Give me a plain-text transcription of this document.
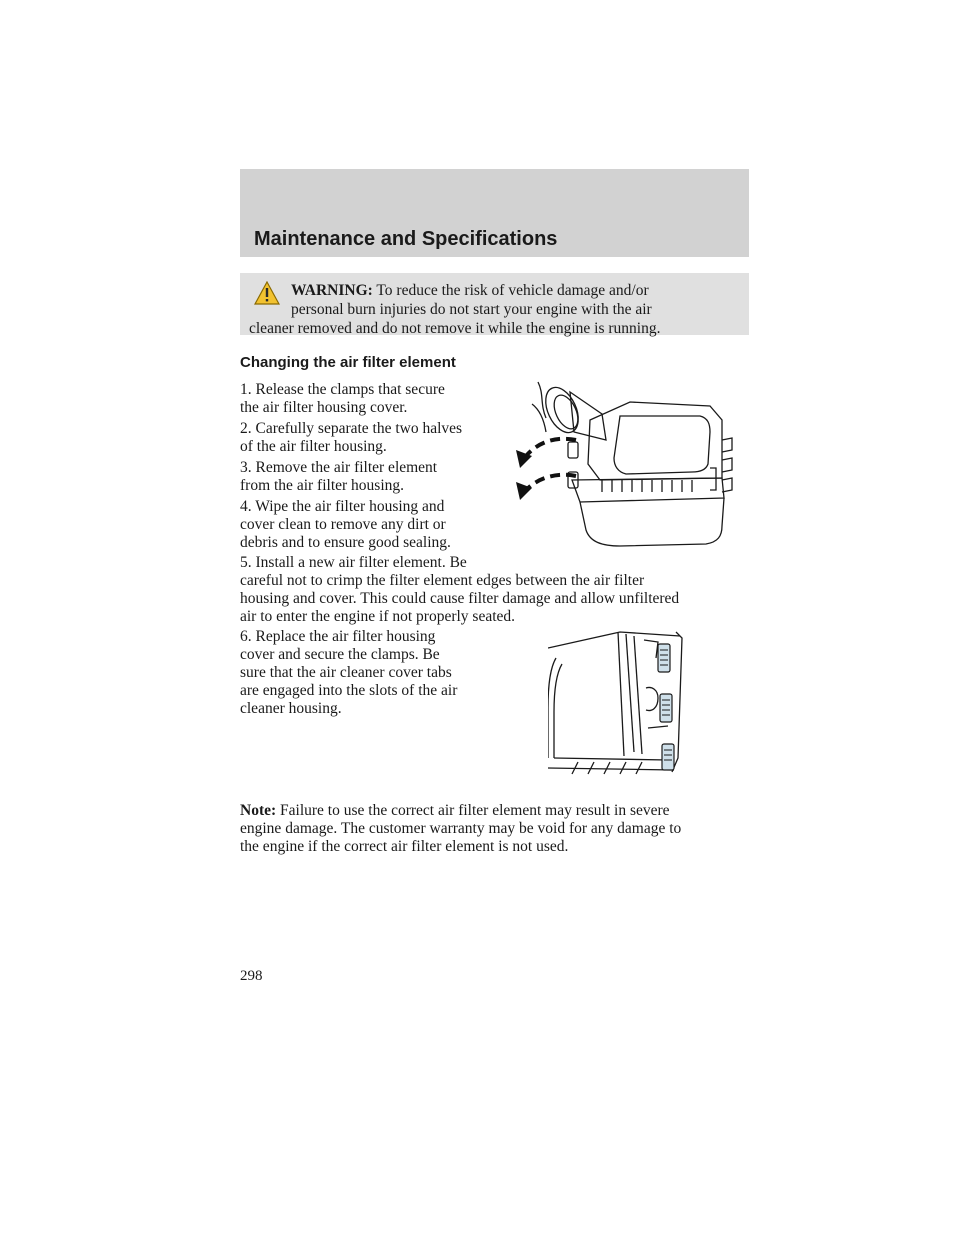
Maintenance and Specifications
WARNING: To reduce the risk of vehicle damage and/or
personal burn injuries do not start your engine with the air
cleaner removed and do not remove it while the engine is running.
Changing the air filter element
1. Release the clamps that secure
the air filter housing cover.
2. Carefully separate the two halves
of the air filter housing.
3. Remove the air filter element
from the air filter housing.
4. Wipe the air filter housing and
cover clean to remove any dirt or
debris and to ensure good sealing.
5. Install a new air filter element. Be
careful not to crimp the filter element edges between the air filter
housing and cover. This could cause filter damage and allow unfiltered
air to enter the engine if not properly seated.
6. Replace the air filter housing
cover and secure the clamps. Be
sure that the air cleaner cover tabs
are engaged into the slots of the air
cleaner housing.
Note: Failure to use the correct air filter element may result in severe
engine damage. The customer warranty may be void for any damage to
the engine if the correct air filter element is not used.
298
